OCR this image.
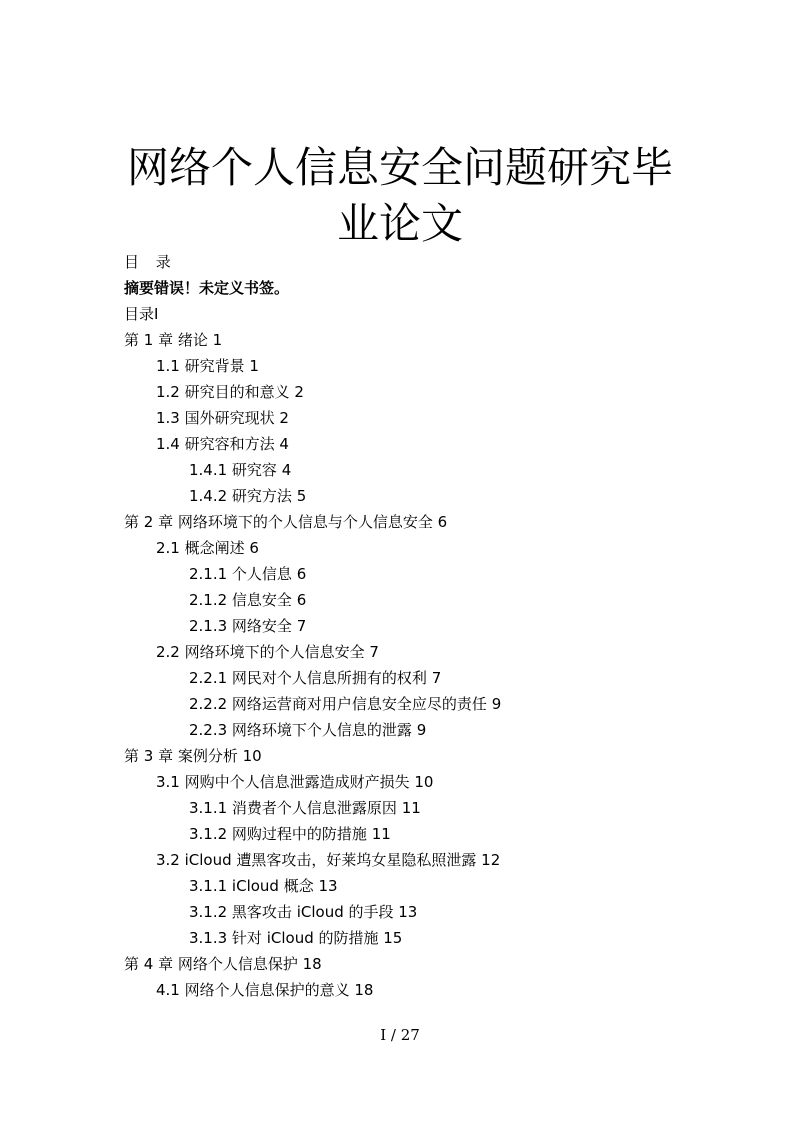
网络个人信息安全问题研究毕
业论文
目 录
摘要错误！未定义书签。
目录I
第 1 章 绪论 1
1.1 研究背景 1
1.2 研究目的和意义 2
1.3 国外研究现状 2
1.4 研究容和方法 4
1.4.1 研究容 4
1.4.2 研究方法 5
第 2 章 网络环境下的个人信息与个人信息安全 6
2.1 概念阐述 6
2.1.1 个人信息 6
2.1.2 信息安全 6
2.1.3 网络安全 7
2.2 网络环境下的个人信息安全 7
2.2.1 网民对个人信息所拥有的权利 7
2.2.2 网络运营商对用户信息安全应尽的责任 9
2.2.3 网络环境下个人信息的泄露 9
第 3 章 案例分析 10
3.1 网购中个人信息泄露造成财产损失 10
3.1.1 消费者个人信息泄露原因 11
3.1.2 网购过程中的防措施 11
3.2 iCloud 遭黑客攻击，好莱坞女星隐私照泄露 12
3.1.1 iCloud 概念 13
3.1.2 黑客攻击 iCloud 的手段 13
3.1.3 针对 iCloud 的防措施 15
第 4 章 网络个人信息保护 18
4.1 网络个人信息保护的意义 18
I / 27
